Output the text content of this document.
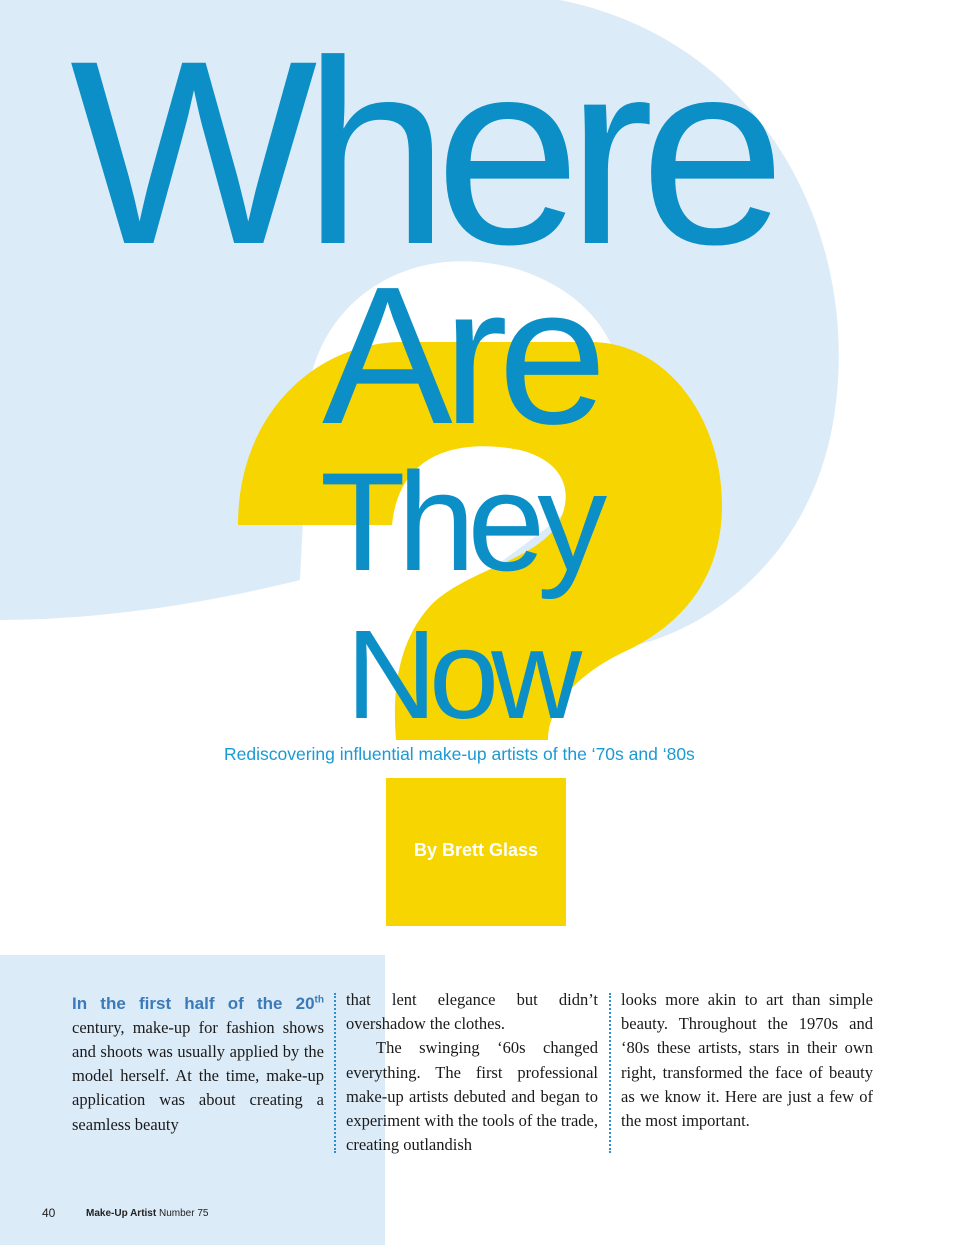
Where
Are
They
Now

Rediscovering influential make-up artists of the ‘70s and ‘80s

By Brett Glass

In the first half of the 20th century, make-up for fashion shows and shoots was usually applied by the model herself. At the time, make-up application was about creating a seamless beauty

that lent elegance but didn’t overshadow the clothes.

The swinging ‘60s changed everything. The first professional make-up artists debuted and began to experiment with the tools of the trade, creating outlandish

looks more akin to art than simple beauty. Throughout the 1970s and ‘80s these artists, stars in their own right, transformed the face of beauty as we know it. Here are just a few of the most important.

40	Make-Up Artist Number 75
